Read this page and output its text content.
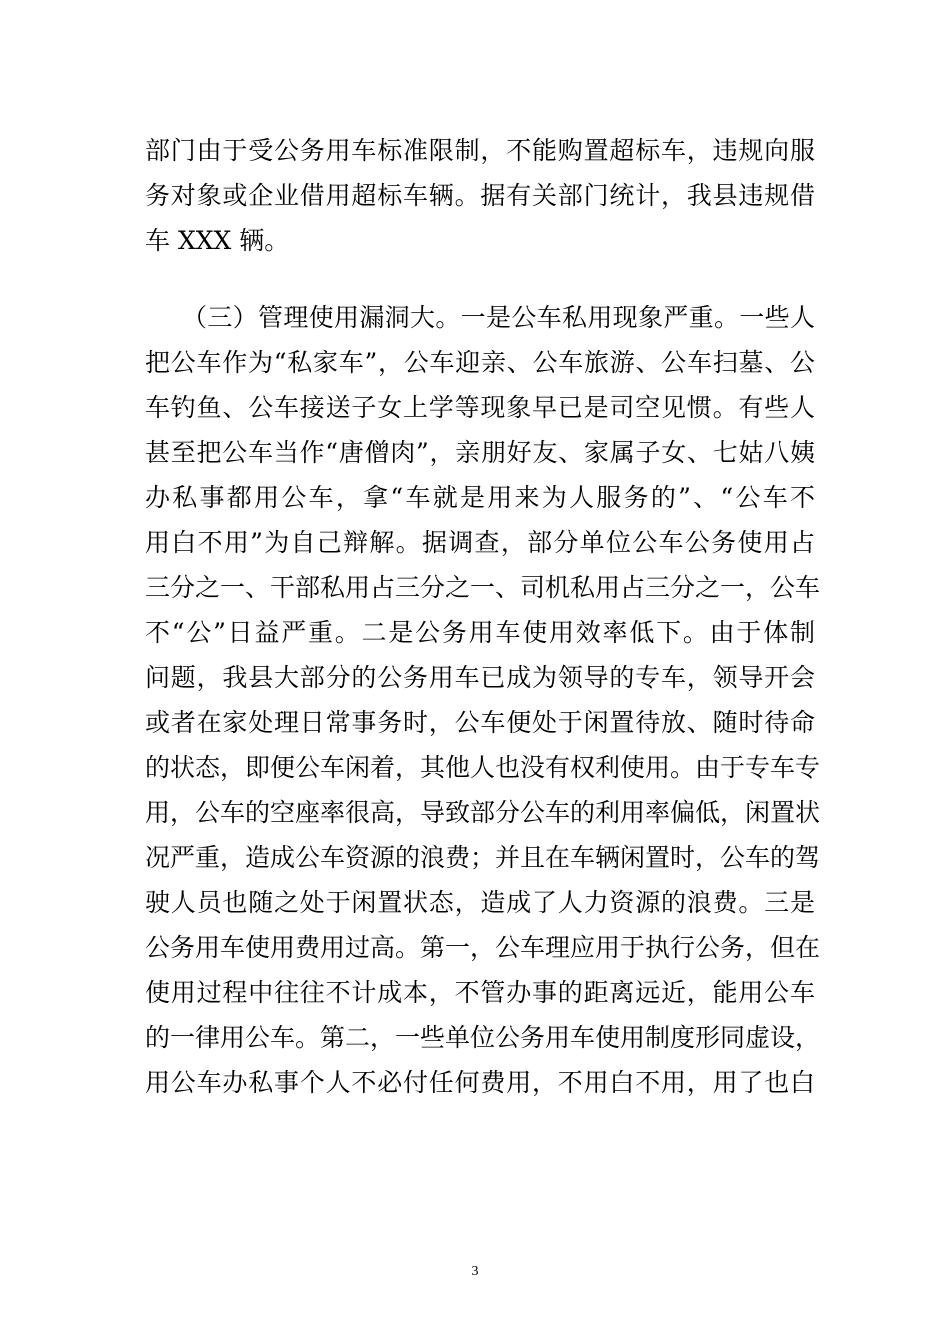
部门由于受公务用车标准限制，不能购置超标车，违规向服
务对象或企业借用超标车辆。据有关部门统计，我县违规借
车 XXX 辆。
（三）管理使用漏洞大。一是公车私用现象严重。一些人
把公车作为“私家车”，公车迎亲、公车旅游、公车扫墓、公
车钓鱼、公车接送子女上学等现象早已是司空见惯。有些人
甚至把公车当作“唐僧肉”，亲朋好友、家属子女、七姑八姨
办私事都用公车，拿“车就是用来为人服务的”、“公车不
用白不用”为自己辩解。据调查，部分单位公车公务使用占
三分之一、干部私用占三分之一、司机私用占三分之一，公车
不“公”日益严重。二是公务用车使用效率低下。由于体制
问题，我县大部分的公务用车已成为领导的专车，领导开会
或者在家处理日常事务时，公车便处于闲置待放、随时待命
的状态，即便公车闲着，其他人也没有权利使用。由于专车专
用，公车的空座率很高，导致部分公车的利用率偏低，闲置状
况严重，造成公车资源的浪费；并且在车辆闲置时，公车的驾
驶人员也随之处于闲置状态，造成了人力资源的浪费。三是
公务用车使用费用过高。第一，公车理应用于执行公务，但在
使用过程中往往不计成本，不管办事的距离远近，能用公车
的一律用公车。第二，一些单位公务用车使用制度形同虚设，
用公车办私事个人不必付任何费用，不用白不用，用了也白
3
